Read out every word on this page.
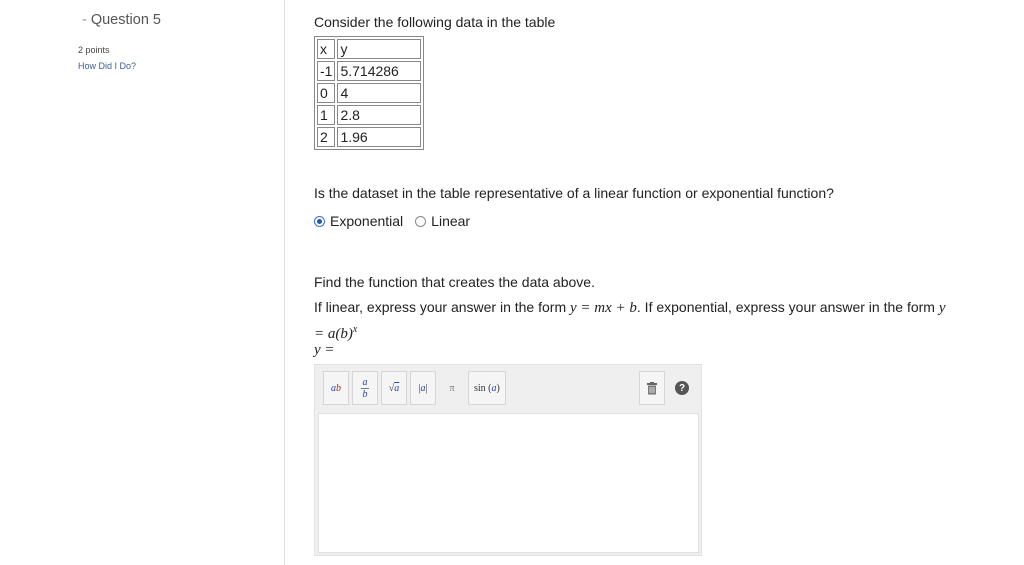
- Question 5
2 points
How Did I Do?
Consider the following data in the table
x	y
-1	5.714286
0	4
1	2.8
2	1.96
Is the dataset in the table representative of a linear function or exponential function?
Exponential Linear
Find the function that creates the data above.
If linear, express your answer in the form y = mx + b. If exponential, express your answer in the form $y = a(b)^x$
y =
a b $\frac{a}{b}$ √ a | a |	π	sin ( a )	?
